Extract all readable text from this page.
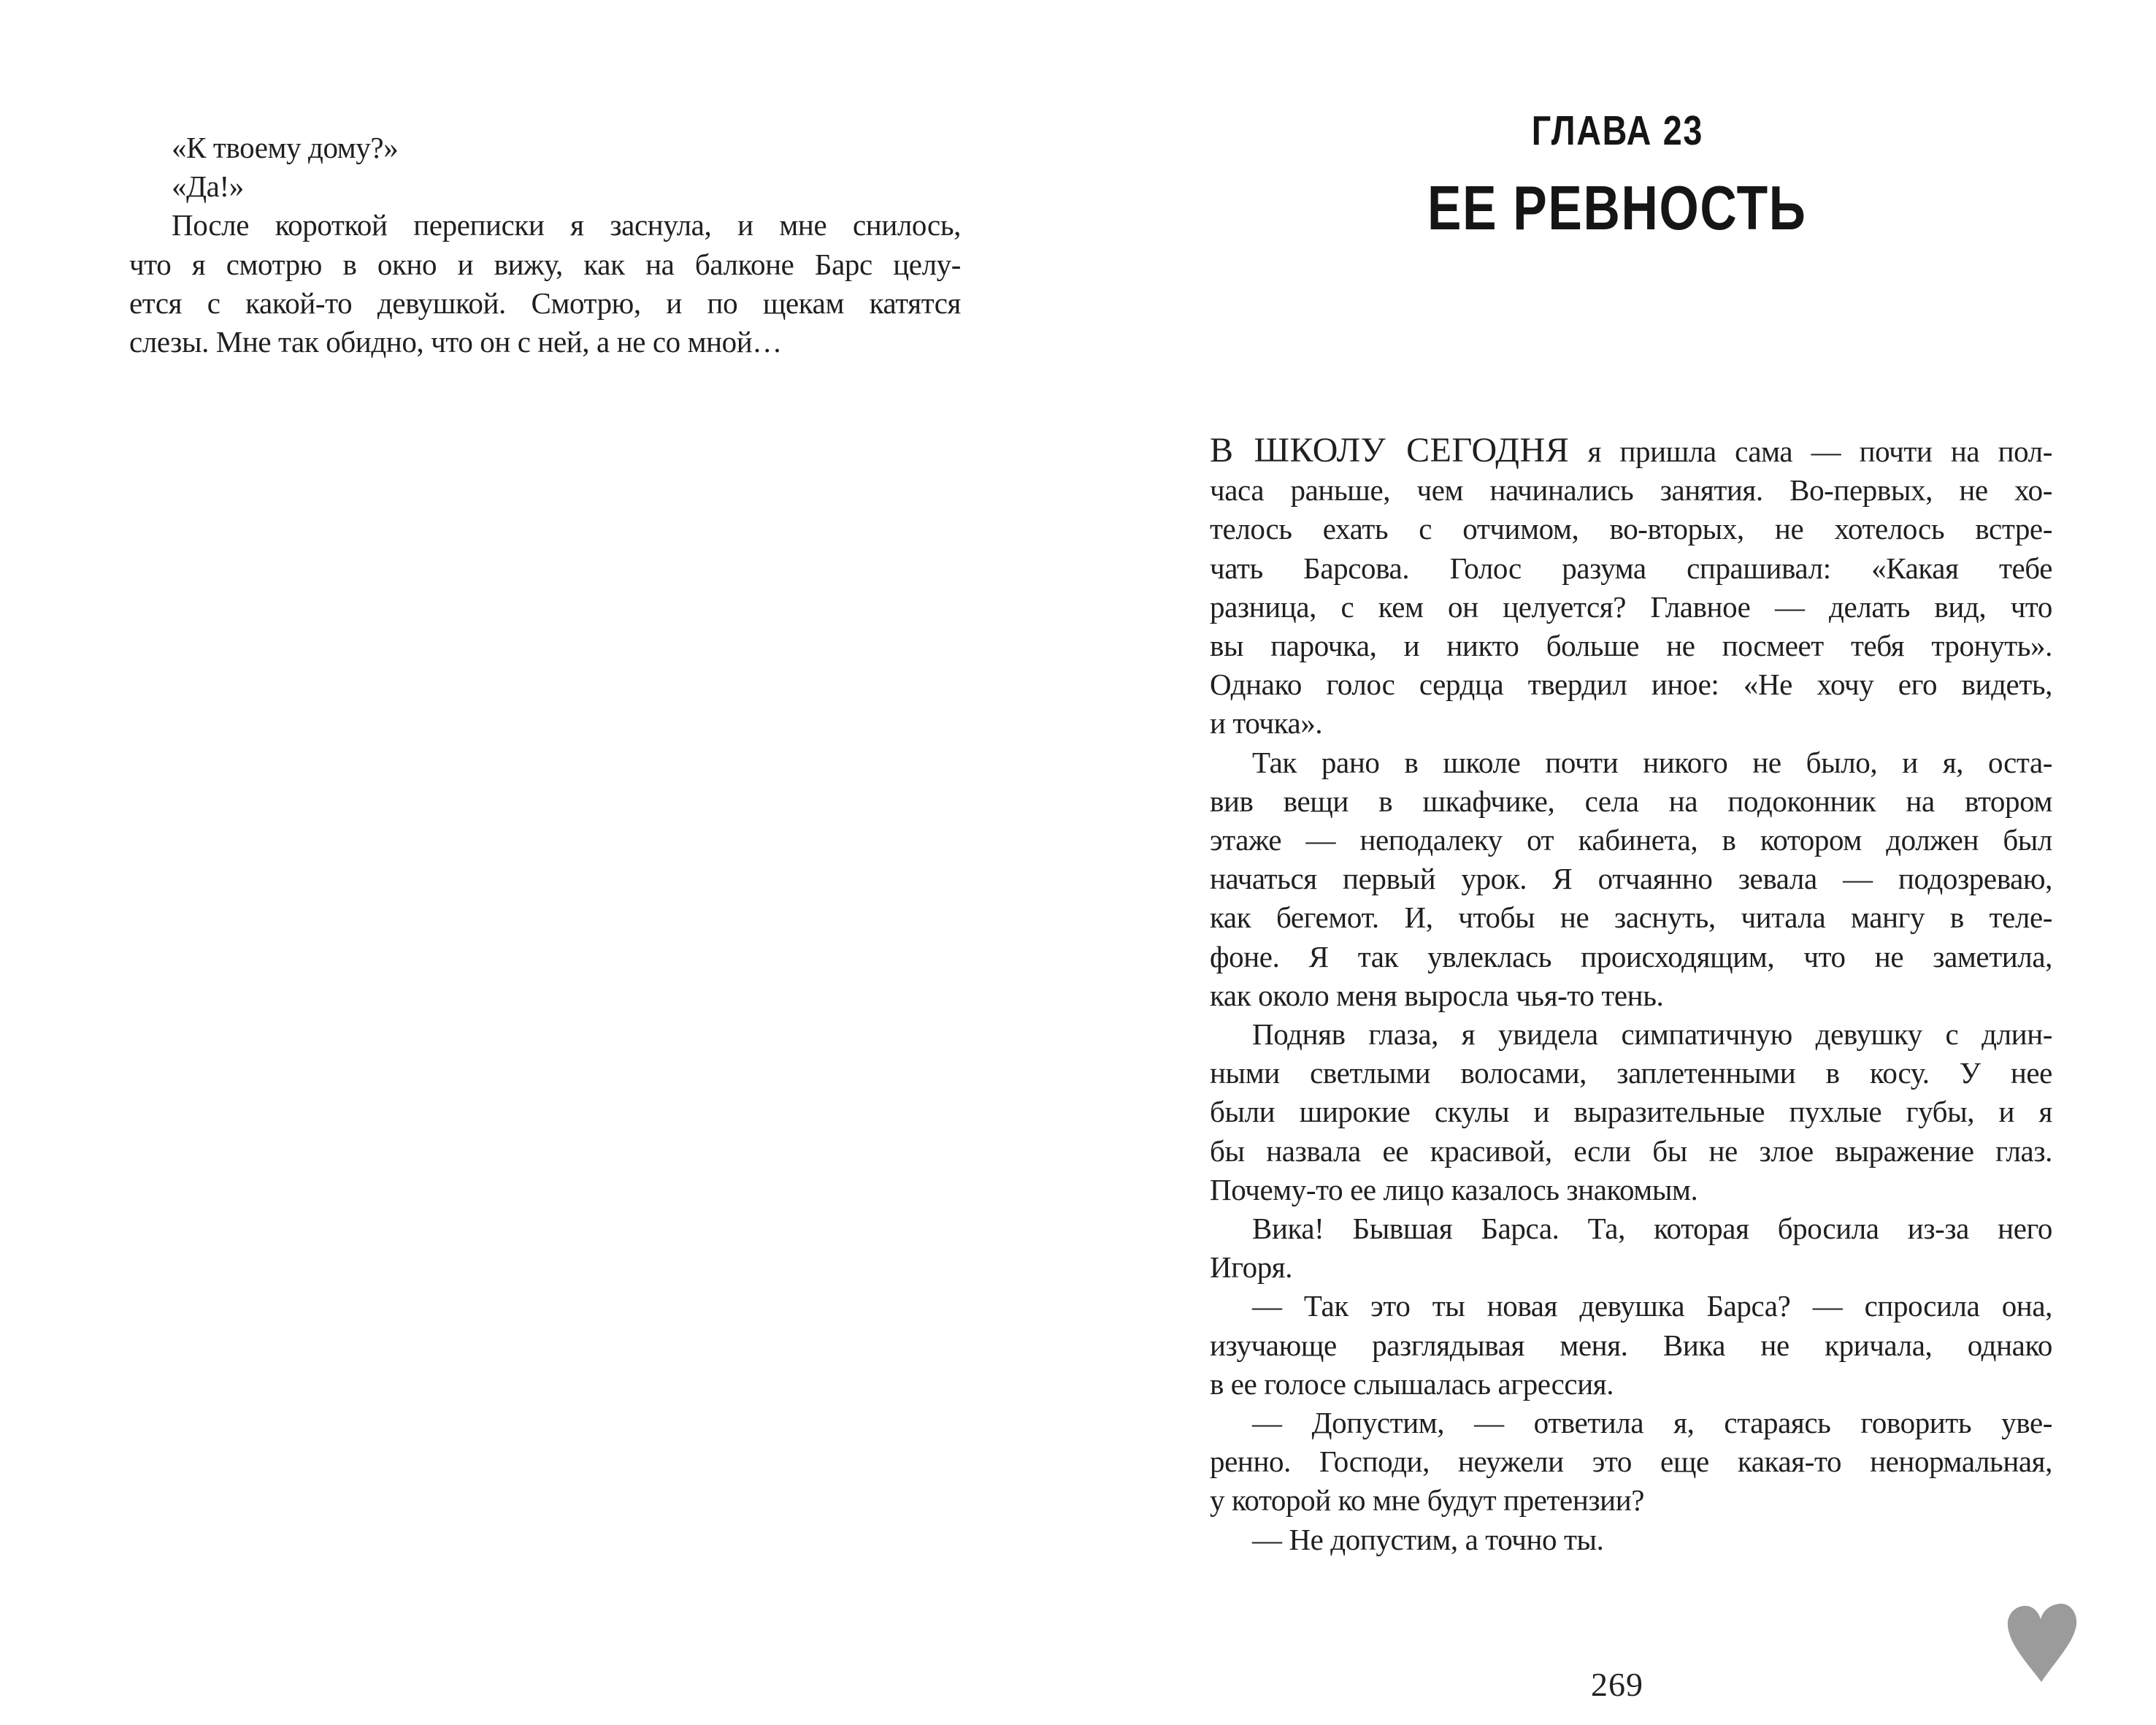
«К твоему дому?»
«Да!»
После короткой переписки я заснула, и мне снилось,
что я смотрю в окно и вижу, как на балконе Барс целу-
ется с какой-то девушкой. Смотрю, и по щекам катятся
слезы. Мне так обидно, что он с ней, а не со мной…
ГЛАВА 23
ЕЕ РЕВНОСТЬ
В ШКОЛУ СЕГОДНЯ я пришла сама — почти на пол-
часа раньше, чем начинались занятия. Во-первых, не хо-
телось ехать с отчимом, во-вторых, не хотелось встре-
чать Барсова. Голос разума спрашивал: «Какая тебе
разница, с кем он целуется? Главное — делать вид, что
вы парочка, и никто больше не посмеет тебя тронуть».
Однако голос сердца твердил иное: «Не хочу его видеть,
и точка».
Так рано в школе почти никого не было, и я, оста-
вив вещи в шкафчике, села на подоконник на втором
этаже — неподалеку от кабинета, в котором должен был
начаться первый урок. Я отчаянно зевала — подозреваю,
как бегемот. И, чтобы не заснуть, читала мангу в теле-
фоне. Я так увлеклась происходящим, что не заметила,
как около меня выросла чья-то тень.
Подняв глаза, я увидела симпатичную девушку с длин-
ными светлыми волосами, заплетенными в косу. У нее
были широкие скулы и выразительные пухлые губы, и я
бы назвала ее красивой, если бы не злое выражение глаз.
Почему-то ее лицо казалось знакомым.
Вика! Бывшая Барса. Та, которая бросила из-за него
Игоря.
— Так это ты новая девушка Барса? — спросила она,
изучающе разглядывая меня. Вика не кричала, однако
в ее голосе слышалась агрессия.
— Допустим, — ответила я, стараясь говорить уве-
ренно. Господи, неужели это еще какая-то ненормальная,
у которой ко мне будут претензии?
— Не допустим, а точно ты.
269
